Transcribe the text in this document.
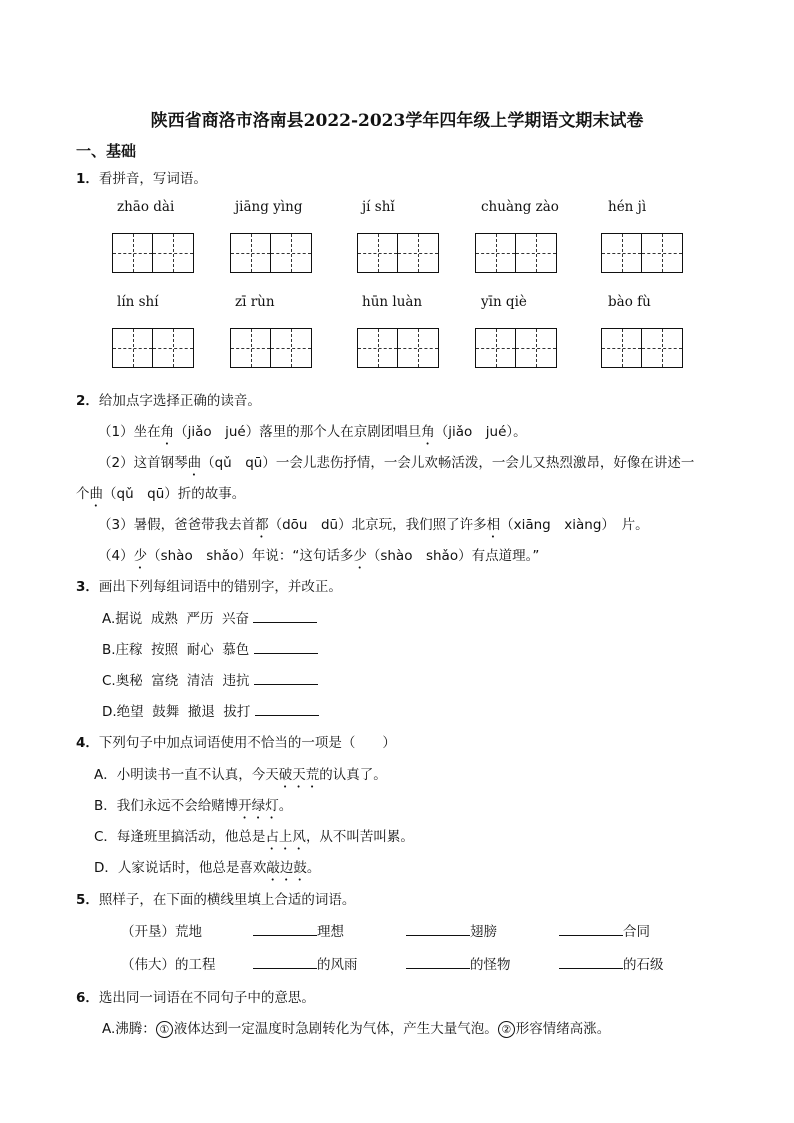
陕西省商洛市洛南县2022-2023学年四年级上学期语文期末试卷
一、基础
1．看拼音，写词语。
zhāo dài	jiāng yìng	jí shǐ	chuàng zào	hén jì
lín shí	zī rùn	hūn luàn	yīn qiè	bào fù
2．给加点字选择正确的读音。
（1）坐在角（jiǎo　jué）落里的那个人在京剧团唱旦角（jiǎo　jué）。
（2）这首钢琴曲（qǔ　qū）一会儿悲伤抒情，一会儿欢畅活泼，一会儿又热烈激昂，好像在讲述一
个曲（qǔ　qū）折的故事。
（3）暑假，爸爸带我去首都（dōu　dū）北京玩，我们照了许多相（xiāng　xiàng）　片。
（4）少（shào　shǎo）年说：“这句话多少（shào　shǎo）有点道理。”
3．画出下列每组词语中的错别字，并改正。
A.据说  成熟  严历  兴奋
B.庄稼  按照  耐心  慕色
C.奥秘  富绕  清洁  违抗
D.绝望  鼓舞  撤退  拔打
4．下列句子中加点词语使用不恰当的一项是（　　）
A．小明读书一直不认真，今天破天荒的认真了。
B．我们永远不会给赌博开绿灯。
C．每逢班里搞活动，他总是占上风，从不叫苦叫累。
D．人家说话时，他总是喜欢敲边鼓。
5．照样子，在下面的横线里填上合适的词语。
（开垦）荒地	理想	翅膀	合同
（伟大）的工程	的风雨	的怪物	的石级
6．选出同一词语在不同句子中的意思。
A.沸腾： ① 液体达到一定温度时急剧转化为气体，产生大量气泡。 ② 形容情绪高涨。
